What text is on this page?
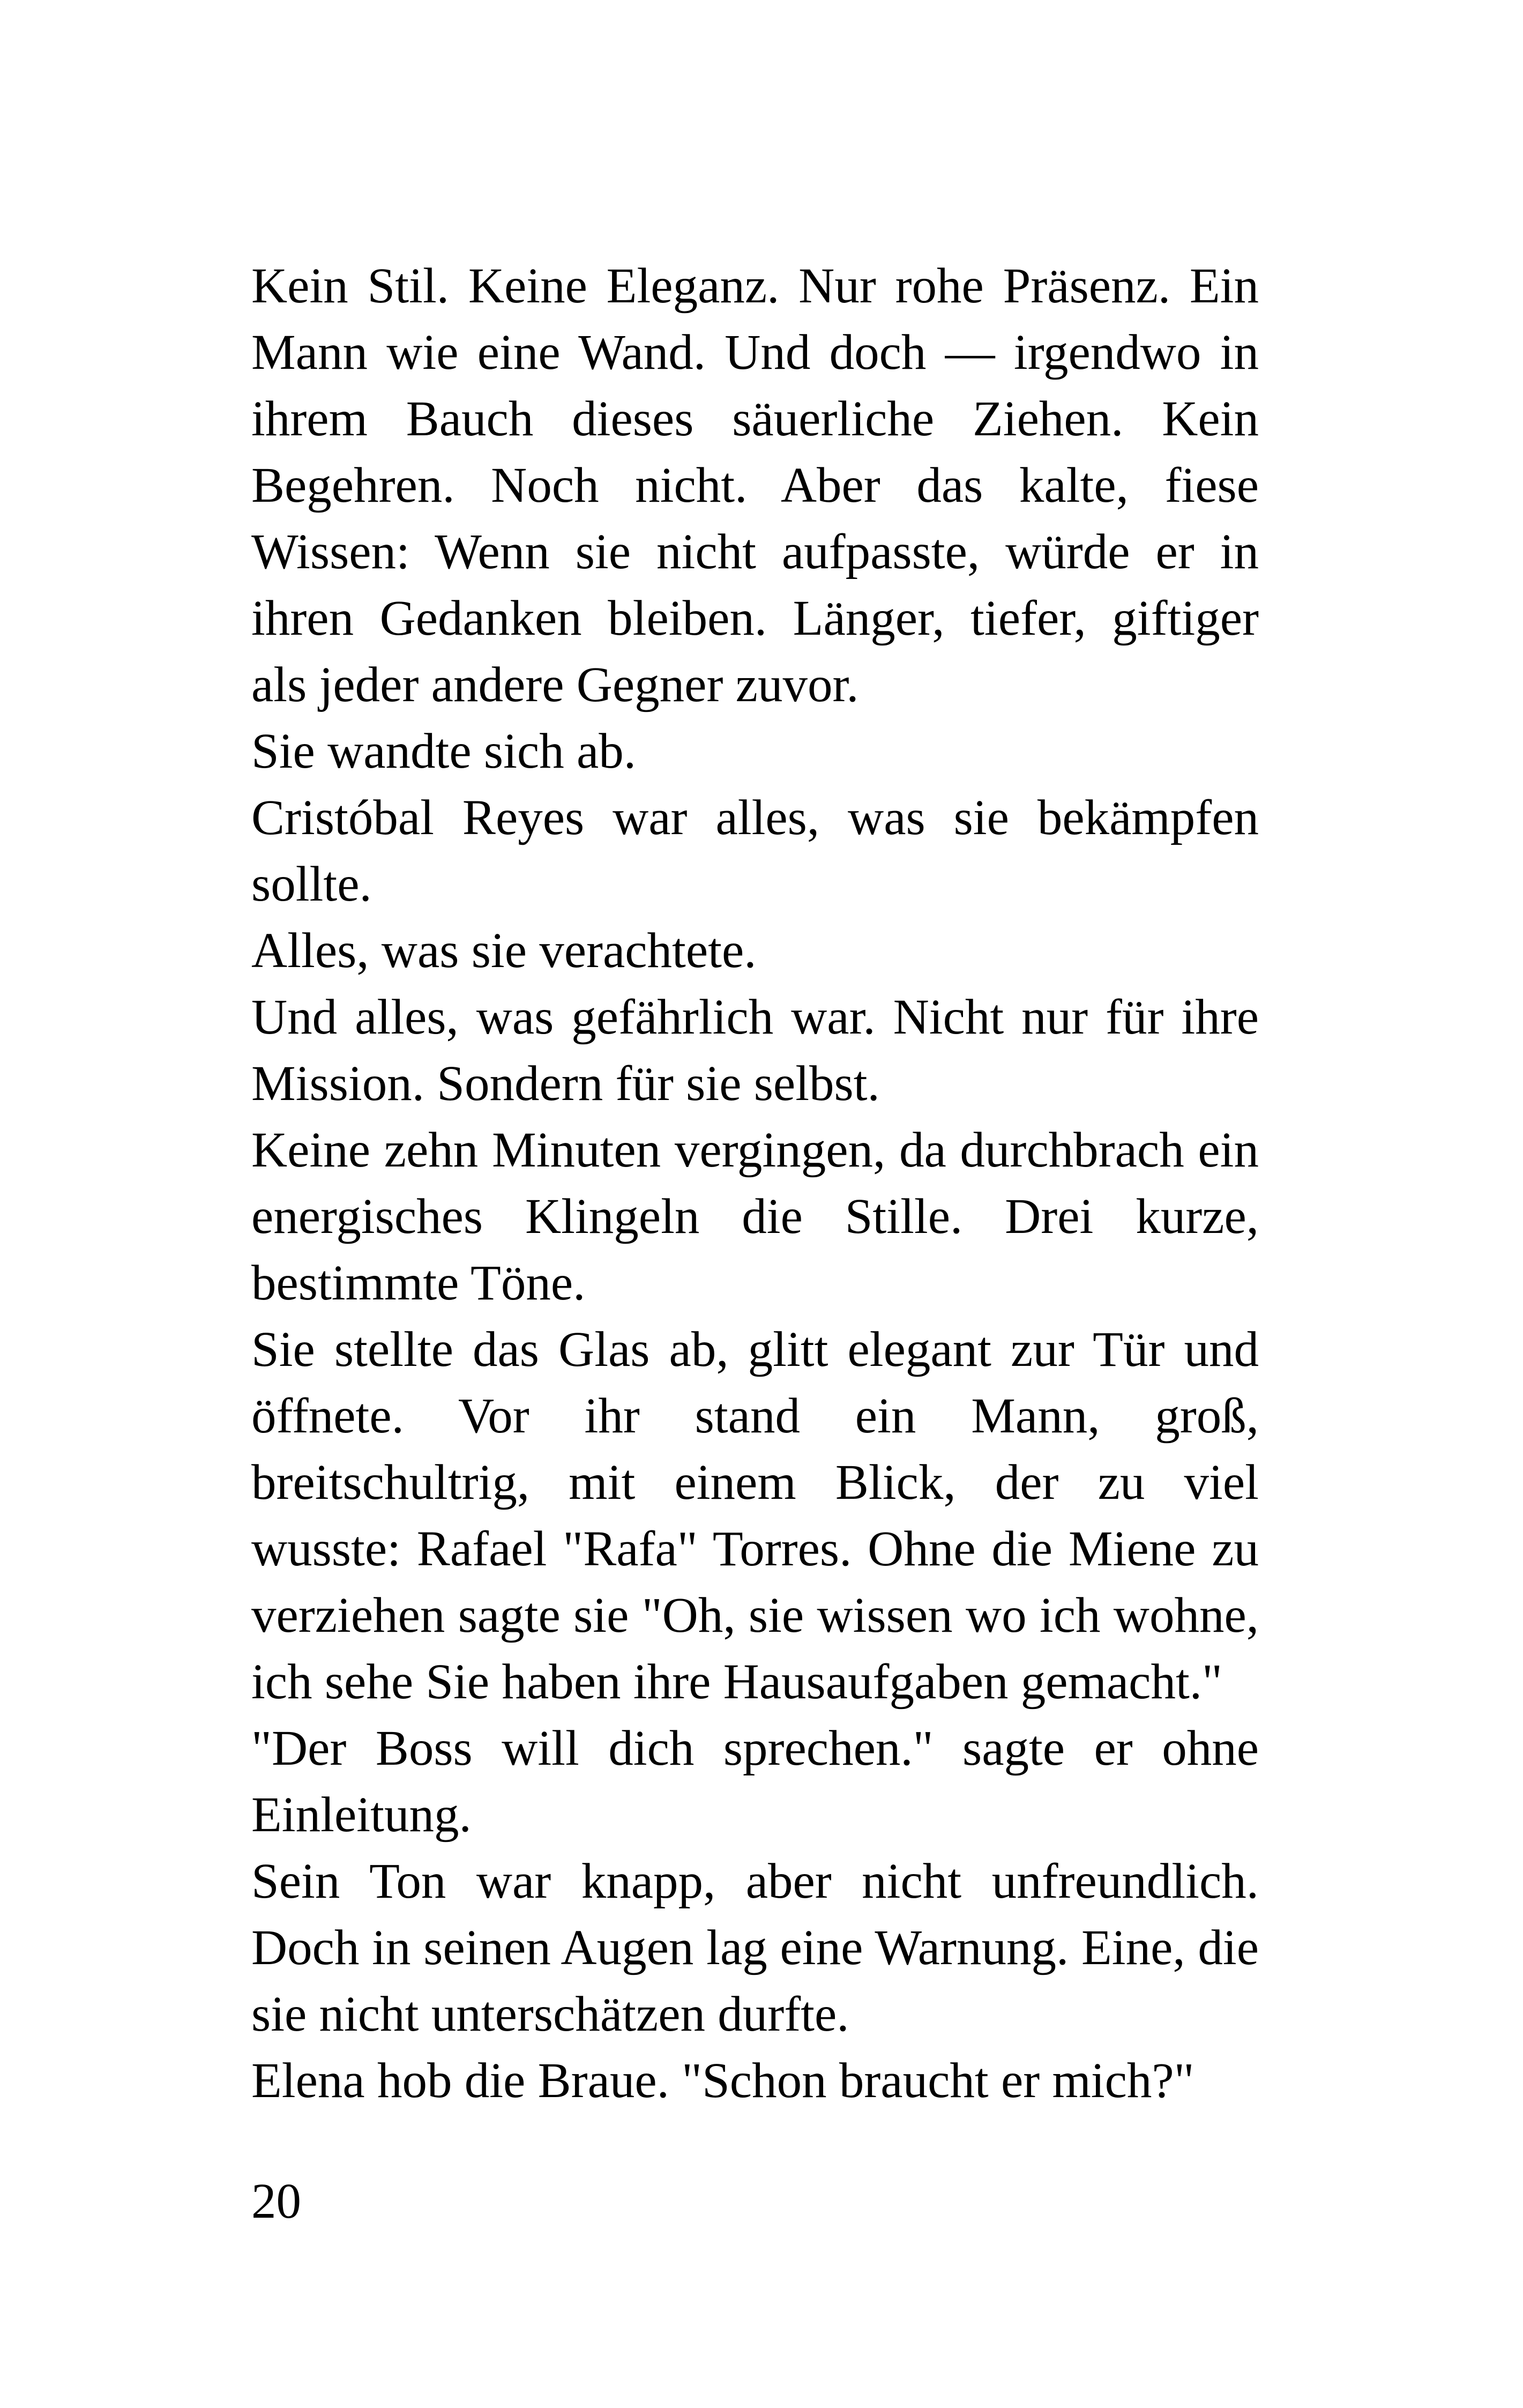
Kein Stil. Keine Eleganz. Nur rohe Präsenz. Ein Mann wie eine Wand. Und doch — irgendwo in ihrem Bauch dieses säuerliche Ziehen. Kein Begehren. Noch nicht. Aber das kalte, fiese Wissen: Wenn sie nicht aufpasste, würde er in ihren Gedanken bleiben. Länger, tiefer, giftiger als jeder andere Gegner zuvor.

Sie wandte sich ab.

Cristóbal Reyes war alles, was sie bekämpfen sollte.

Alles, was sie verachtete.

Und alles, was gefährlich war. Nicht nur für ihre Mission. Sondern für sie selbst.

Keine zehn Minuten vergingen, da durchbrach ein energisches Klingeln die Stille. Drei kurze, bestimmte Töne.

Sie stellte das Glas ab, glitt elegant zur Tür und öffnete. Vor ihr stand ein Mann, groß, breitschultrig, mit einem Blick, der zu viel wusste: Rafael "Rafa" Torres. Ohne die Miene zu verziehen sagte sie "Oh, sie wissen wo ich wohne, ich sehe Sie haben ihre Hausaufgaben gemacht."

"Der Boss will dich sprechen." sagte er ohne Einleitung.

Sein Ton war knapp, aber nicht unfreundlich. Doch in seinen Augen lag eine Warnung. Eine, die sie nicht unterschätzen durfte.

Elena hob die Braue. "Schon braucht er mich?"

20
